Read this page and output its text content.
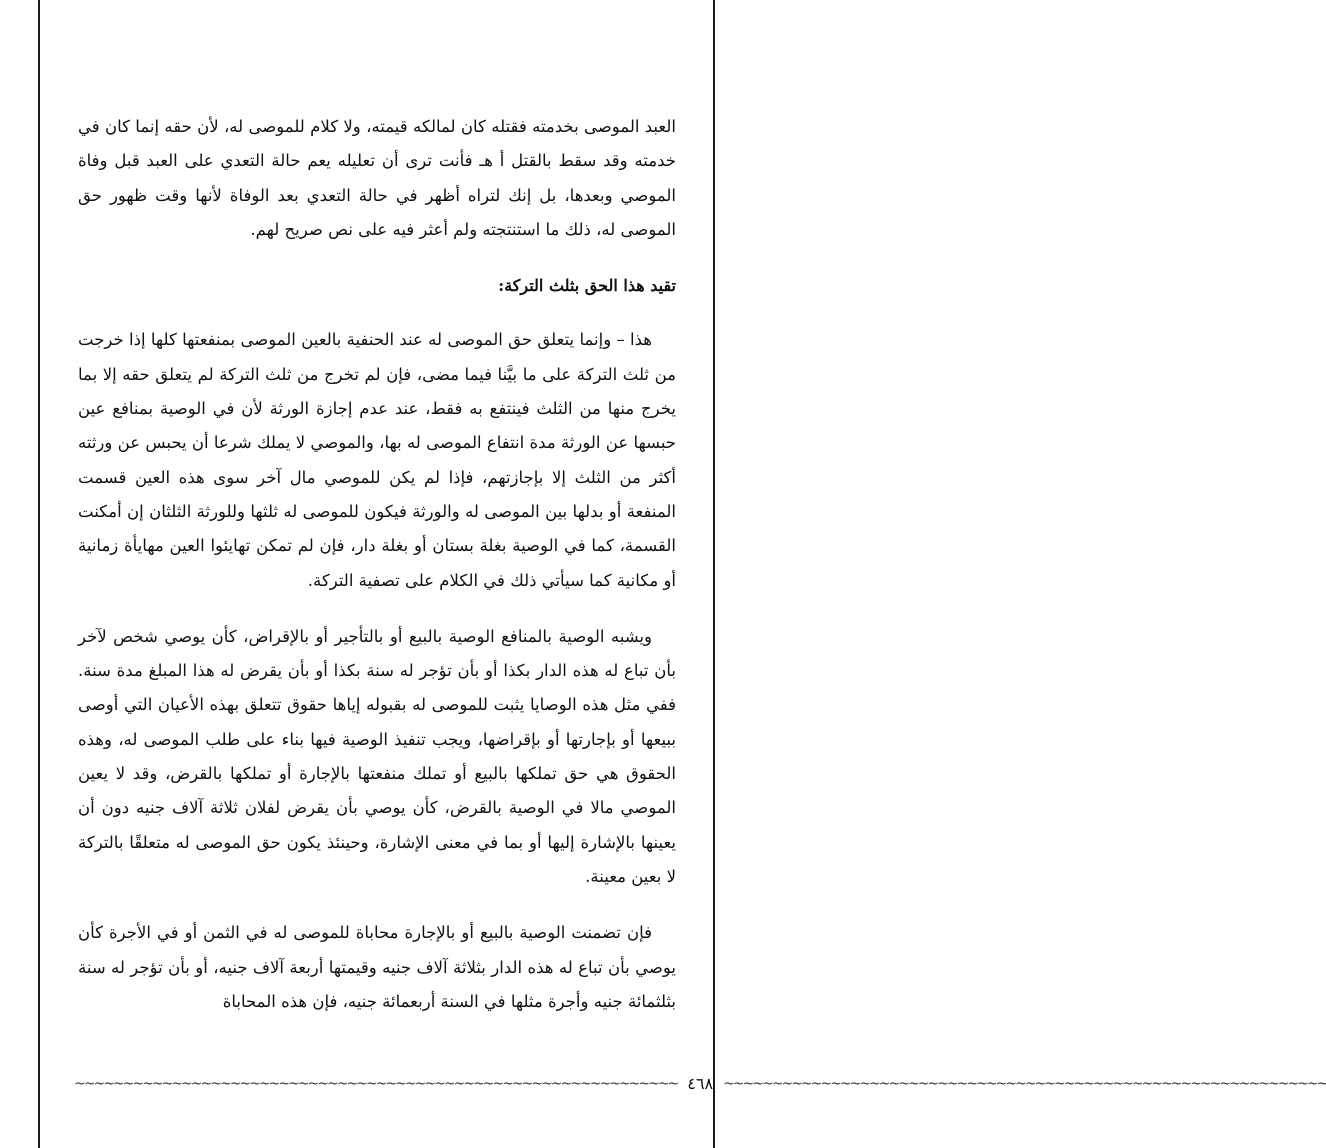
العبد الموصى بخدمته فقتله كان لمالكه قيمته، ولا كلام للموصى له، لأن حقه إنما كان في خدمته وقد سقط بالقتل أ هـ فأنت ترى أن تعليله يعم حالة التعدي على العبد قبل وفاة الموصي وبعدها، بل إنك لتراه أظهر في حالة التعدي بعد الوفاة لأنها وقت ظهور حق الموصى له، ذلك ما استنتجته ولم أعثر فيه على نص صريح لهم.

تقيد هذا الحق بثلث التركة:

هذا – وإنما يتعلق حق الموصى له عند الحنفية بالعين الموصى بمنفعتها كلها إذا خرجت من ثلث التركة على ما بيَّنا فيما مضى، فإن لم تخرج من ثلث التركة لم يتعلق حقه إلا بما يخرج منها من الثلث فينتفع به فقط، عند عدم إجازة الورثة لأن في الوصية بمنافع عين حبسها عن الورثة مدة انتفاع الموصى له بها، والموصي لا يملك شرعا أن يحبس عن ورثته أكثر من الثلث إلا بإجازتهم، فإذا لم يكن للموصي مال آخر سوى هذه العين قسمت المنفعة أو بدلها بين الموصى له والورثة فيكون للموصى له ثلثها وللورثة الثلثان إن أمكنت القسمة، كما في الوصية بغلة بستان أو بغلة دار، فإن لم تمكن تهايئوا العين مهايأة زمانية أو مكانية كما سيأتي ذلك في الكلام على تصفية التركة.

ويشبه الوصية بالمنافع الوصية بالبيع أو بالتأجير أو بالإقراض، كأن يوصي شخص لآخر بأن تباع له هذه الدار بكذا أو بأن تؤجر له سنة بكذا أو بأن يقرض له هذا المبلغ مدة سنة. ففي مثل هذه الوصايا يثبت للموصى له بقبوله إياها حقوق تتعلق بهذه الأعيان التي أوصى ببيعها أو بإجارتها أو بإقراضها، ويجب تنفيذ الوصية فيها بناء على طلب الموصى له، وهذه الحقوق هي حق تملكها بالبيع أو تملك منفعتها بالإجارة أو تملكها بالقرض، وقد لا يعين الموصي مالا في الوصية بالقرض، كأن يوصي بأن يقرض لفلان ثلاثة آلاف جنيه دون أن يعينها بالإشارة إليها أو بما في معنى الإشارة، وحينئذ يكون حق الموصى له متعلقًا بالتركة لا بعين معينة.

فإن تضمنت الوصية بالبيع أو بالإجارة محاباة للموصى له في الثمن أو في الأجرة كأن يوصي بأن تباع له هذه الدار بثلاثة آلاف جنيه وقيمتها أربعة آلاف جنيه، أو بأن تؤجر له سنة بثلثمائة جنيه وأجرة مثلها في السنة أربعمائة جنيه، فإن هذه المحاباة

~~~~~~~~~~~~~~~~~~~~~~~~~~~~~~~~~~~~~~~~~~~~~~~~~~~~~~~~~~~~~~ ٤٦٨ ~~~~~~~~~~~~~~~~~~~~~~~~~~~~~~~~~~~~~~~~~~~~~~~~~~~~~~~~~~~~~~
